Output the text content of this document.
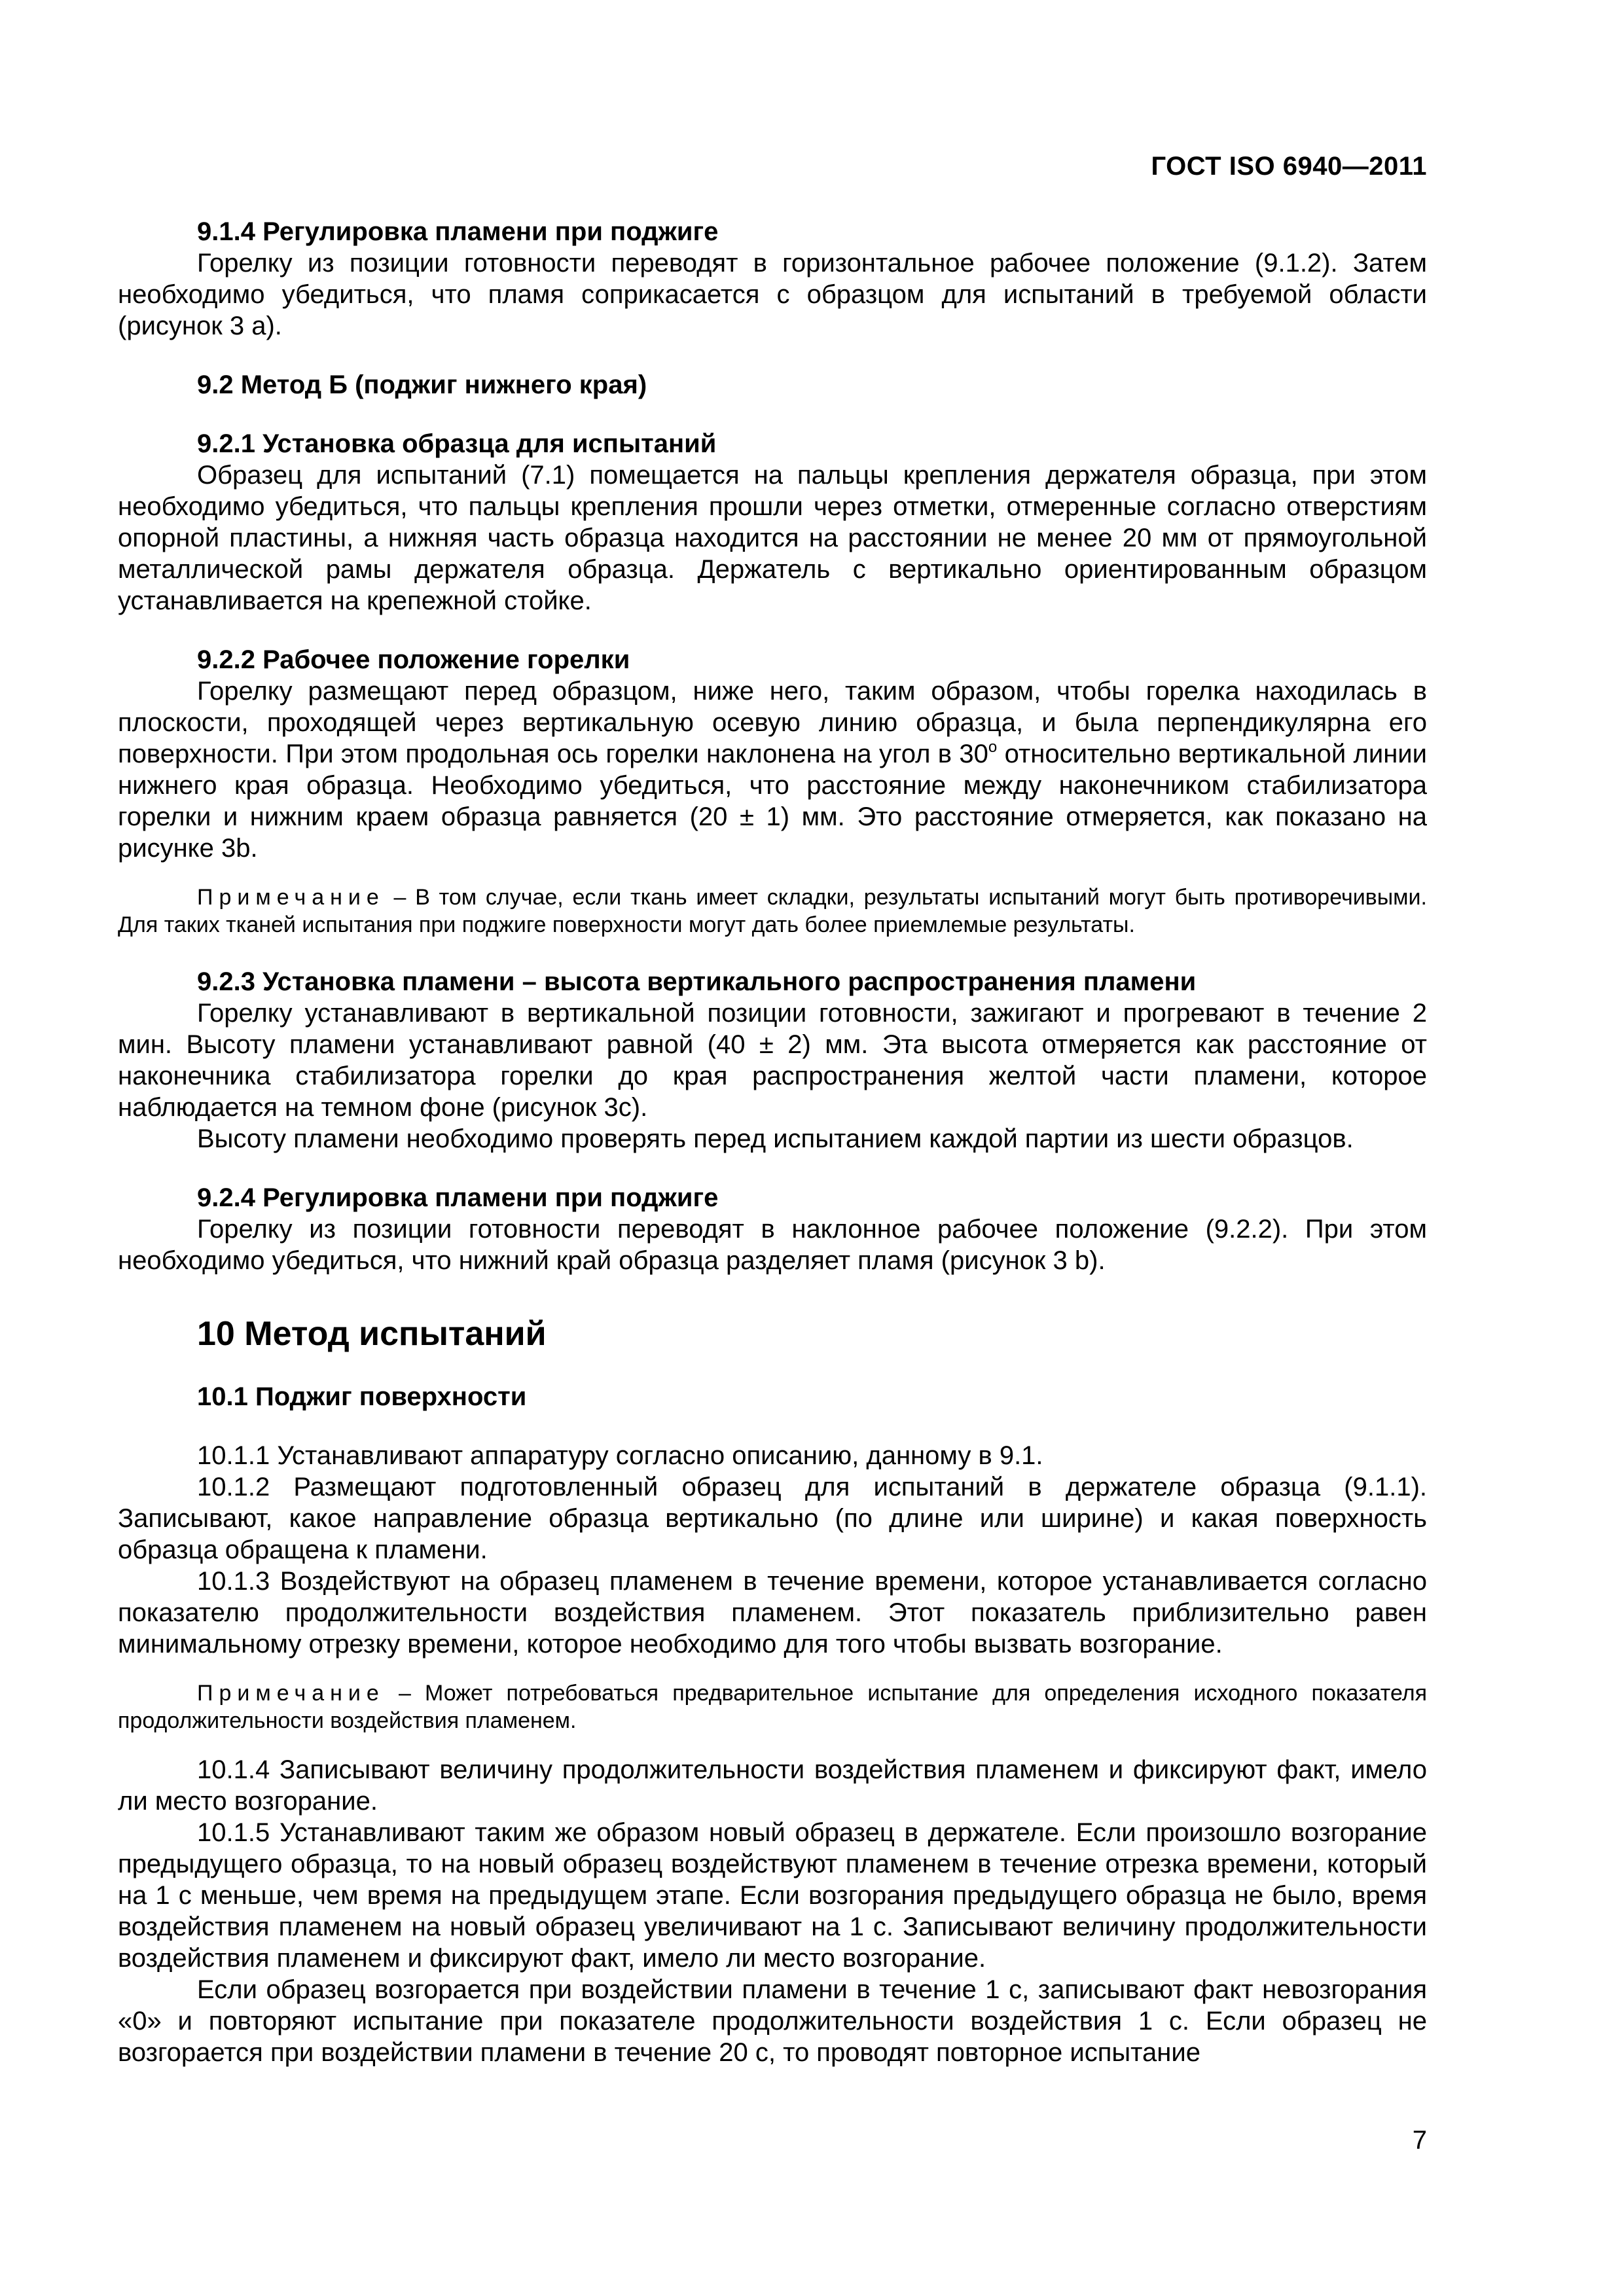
ГОСТ ISO 6940—2011

9.1.4 Регулировка пламени при поджиге

Горелку из позиции готовности переводят в горизонтальное рабочее положение (9.1.2). Затем необходимо убедиться, что пламя соприкасается с образцом для испытаний в требуемой области (рисунок 3 а).

9.2 Метод Б (поджиг нижнего края)

9.2.1 Установка образца для испытаний

Образец для испытаний (7.1) помещается на пальцы крепления держателя образца, при этом необходимо убедиться, что пальцы крепления прошли через отметки, отмеренные согласно отверстиям опорной пластины, а нижняя часть образца находится на расстоянии не менее 20 мм от прямоугольной металлической рамы держателя образца. Держатель с вертикально ориентированным образцом устанавливается на крепежной стойке.

9.2.2 Рабочее положение горелки

Горелку размещают перед образцом, ниже него, таким образом, чтобы горелка находилась в плоскости, проходящей через вертикальную осевую линию образца, и была перпендикулярна его поверхности. При этом продольная ось горелки наклонена на угол в $30^о$ относительно вертикальной линии нижнего края образца. Необходимо убедиться, что расстояние между наконечником стабилизатора горелки и нижним краем образца равняется (20 ± 1) мм. Это расстояние отмеряется, как показано на рисунке 3b.

Примечание – В том случае, если ткань имеет складки, результаты испытаний могут быть противоречивыми. Для таких тканей испытания при поджиге поверхности могут дать более приемлемые результаты.

9.2.3 Установка пламени – высота вертикального распространения пламени

Горелку устанавливают в вертикальной позиции готовности, зажигают и прогревают в течение 2 мин. Высоту пламени устанавливают равной (40 ± 2) мм. Эта высота отмеряется как расстояние от наконечника стабилизатора горелки до края распространения желтой части пламени, которое наблюдается на темном фоне (рисунок 3с).

Высоту пламени необходимо проверять перед испытанием каждой партии из шести образцов.

9.2.4 Регулировка пламени при поджиге

Горелку из позиции готовности переводят в наклонное рабочее положение (9.2.2). При этом необходимо убедиться, что нижний край образца разделяет пламя (рисунок 3 b).

10 Метод испытаний
10.1 Поджиг поверхности

10.1.1 Устанавливают аппаратуру согласно описанию, данному в 9.1.

10.1.2 Размещают подготовленный образец для испытаний в держателе образца (9.1.1). Записывают, какое направление образца вертикально (по длине или ширине) и какая поверхность образца обращена к пламени.

10.1.3 Воздействуют на образец пламенем в течение времени, которое устанавливается согласно показателю продолжительности воздействия пламенем. Этот показатель приблизительно равен минимальному отрезку времени, которое необходимо для того чтобы вызвать возгорание.

Примечание – Может потребоваться предварительное испытание для определения исходного показателя продолжительности воздействия пламенем.

10.1.4 Записывают величину продолжительности воздействия пламенем и фиксируют факт, имело ли место возгорание.

10.1.5 Устанавливают таким же образом новый образец в держателе. Если произошло возгорание предыдущего образца, то на новый образец воздействуют пламенем в течение отрезка времени, который на 1 с меньше, чем время на предыдущем этапе. Если возгорания предыдущего образца не было, время воздействия пламенем на новый образец увеличивают на 1 с. Записывают величину продолжительности воздействия пламенем и фиксируют факт, имело ли место возгорание.

Если образец возгорается при воздействии пламени в течение 1 с, записывают факт невозгорания «0» и повторяют испытание при показателе продолжительности воздействия 1 с. Если образец не возгорается при воздействии пламени в течение 20 с, то проводят повторное испытание

7
